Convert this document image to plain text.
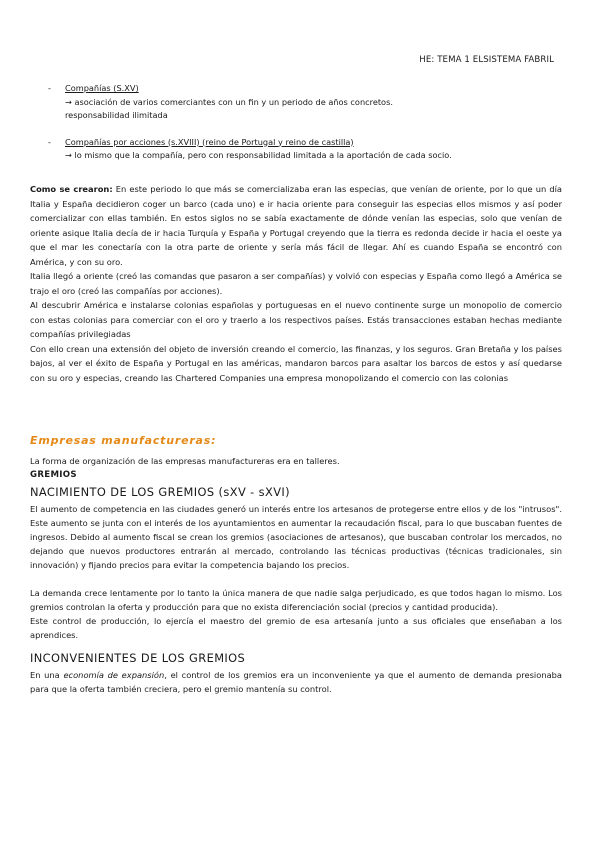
HE: TEMA 1 ELSISTEMA FABRIL
- Compañías (S.XV)
→ asociación de varios comerciantes con un fin y un periodo de años concretos.
responsabilidad ilimitada
- Compañías por acciones (s.XVIII) (reino de Portugal y reino de castilla)
→ lo mismo que la compañía, pero con responsabilidad limitada a la aportación de cada socio.

Como se crearon: En este periodo lo que más se comercializaba eran las especias, que venían de oriente, por lo que un día Italia y España decidieron coger un barco (cada uno) e ir hacia oriente para conseguir las especias ellos mismos y así poder comercializar con ellas también. En estos siglos no se sabía exactamente de dónde venían las especias, solo que venían de oriente asique Italia decía de ir hacia Turquía y España y Portugal creyendo que la tierra es redonda decide ir hacia el oeste ya que el mar les conectaría con la otra parte de oriente y sería más fácil de llegar. Ahí es cuando España se encontró con América, y con su oro.

Italia llegó a oriente (creó las comandas que pasaron a ser compañías) y volvió con especias y España como llegó a América se trajo el oro (creó las compañías por acciones).

Al descubrir América e instalarse colonias españolas y portuguesas en el nuevo continente surge un monopolio de comercio con estas colonias para comerciar con el oro y traerlo a los respectivos países. Estás transacciones estaban hechas mediante compañías privilegiadas

Con ello crean una extensión del objeto de inversión creando el comercio, las finanzas, y los seguros. Gran Bretaña y los países bajos, al ver el éxito de España y Portugal en las américas, mandaron barcos para asaltar los barcos de estos y así quedarse con su oro y especias, creando las Chartered Companies una empresa monopolizando el comercio con las colonias

Empresas manufactureras:

La forma de organización de las empresas manufactureras era en talleres.

GREMIOS

NACIMIENTO DE LOS GREMIOS (sXV - sXVI)

El aumento de competencia en las ciudades generó un interés entre los artesanos de protegerse entre ellos y de los "intrusos". Este aumento se junta con el interés de los ayuntamientos en aumentar la recaudación fiscal, para lo que buscaban fuentes de ingresos. Debido al aumento fiscal se crean los gremios (asociaciones de artesanos), que buscaban controlar los mercados, no dejando que nuevos productores entrarán al mercado, controlando las técnicas productivas (técnicas tradicionales, sin innovación) y fijando precios para evitar la competencia bajando los precios.

La demanda crece lentamente por lo tanto la única manera de que nadie salga perjudicado, es que todos hagan lo mismo. Los gremios controlan la oferta y producción para que no exista diferenciación social (precios y cantidad producida).

Este control de producción, lo ejercía el maestro del gremio de esa artesanía junto a sus oficiales que enseñaban a los aprendices.

INCONVENIENTES DE LOS GREMIOS

En una economía de expansión, el control de los gremios era un inconveniente ya que el aumento de demanda presionaba para que la oferta también creciera, pero el gremio mantenía su control.
